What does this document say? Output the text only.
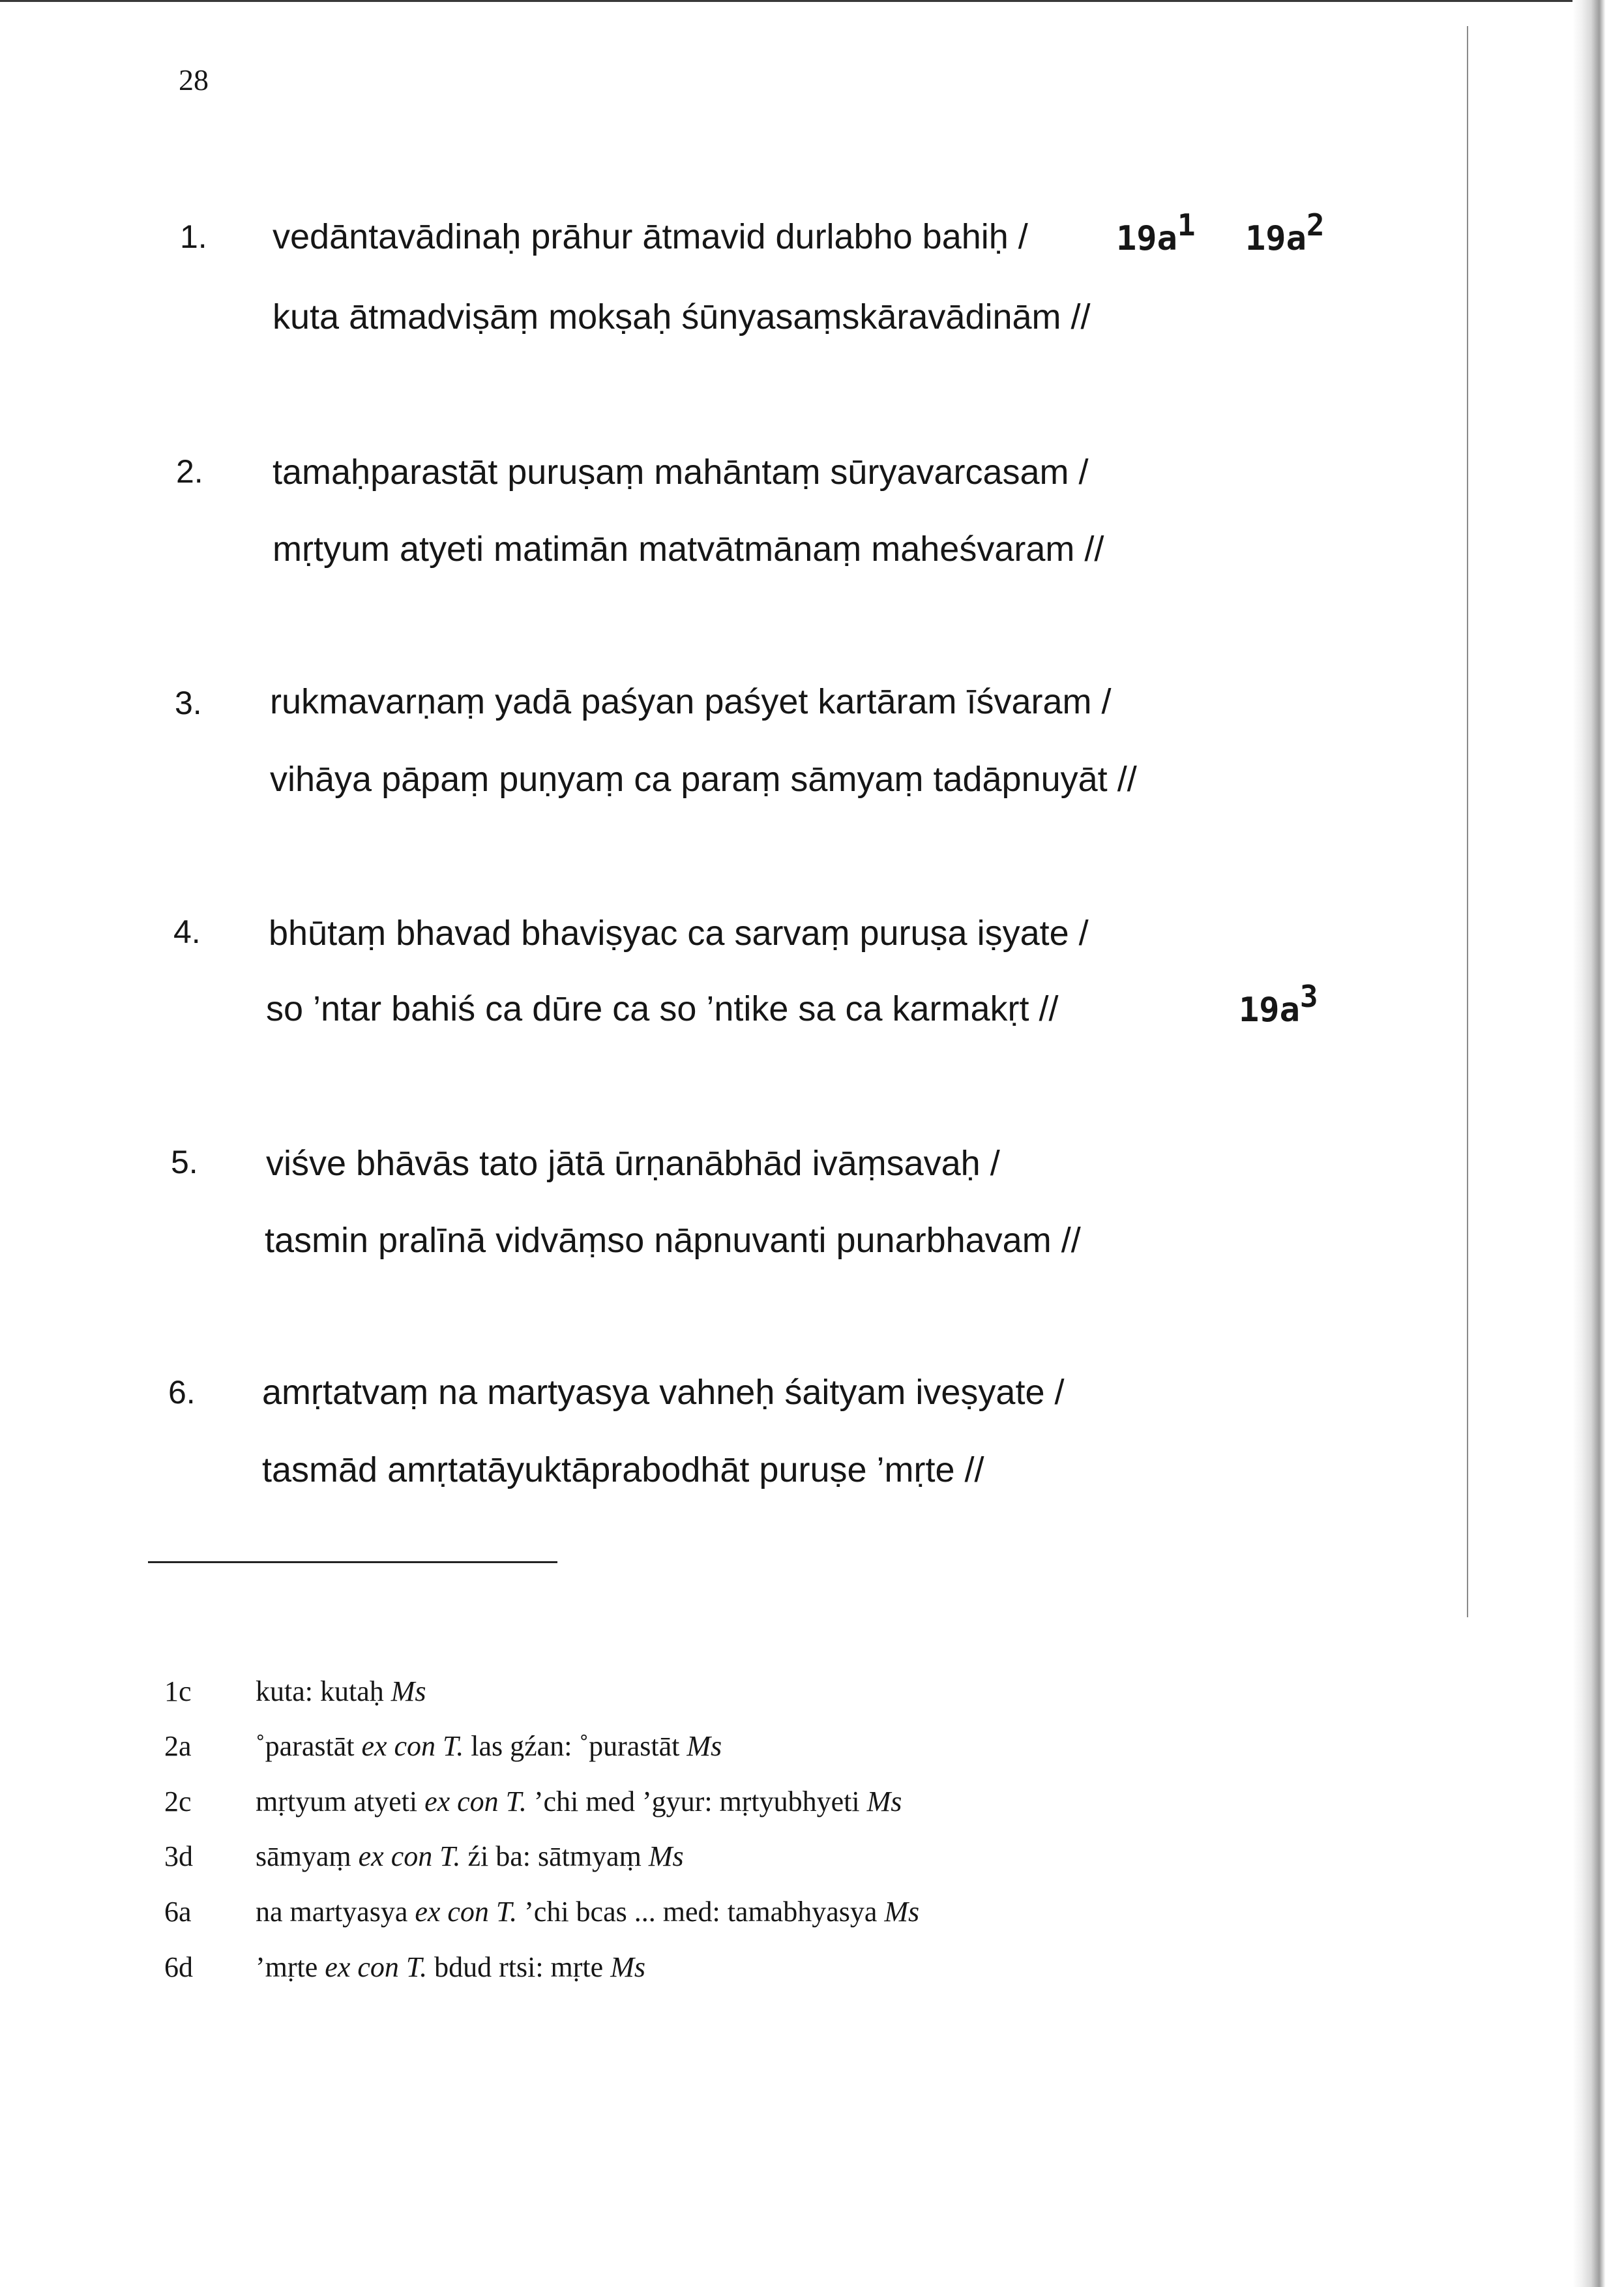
28
1. vedāntavādinaḥ prāhur ātmavid durlabho bahiḥ /
kuta ātmadviṣāṃ mokṣaḥ śūnyasaṃskāravādinām //
2. tamaḥparastāt puruṣaṃ mahāntaṃ sūryavarcasam /
mṛtyum atyeti matimān matvātmānaṃ maheśvaram //
3. rukmavarṇaṃ yadā paśyan paśyet kartāram īśvaram /
vihāya pāpaṃ puṇyaṃ ca paraṃ sāmyaṃ tadāpnuyāt //
4. bhūtaṃ bhavad bhaviṣyac ca sarvaṃ puruṣa iṣyate /
so ’ntar bahiś ca dūre ca so ’ntike sa ca karmakṛt //
5. viśve bhāvās tato jātā ūrṇanābhād ivāṃsavaḥ /
tasmin pralīnā vidvāṃso nāpnuvanti punarbhavam //
6. amṛtatvaṃ na martyasya vahneḥ śaityam iveṣyate /
tasmād amṛtatāyuktāprabodhāt puruṣe ’mṛte //
$19a^1$ $19a^2$
$19a^3$
1c kuta: kutaḥ Ms
2a ˚parastāt ex con T. las gźan: ˚purastāt Ms
2c mṛtyum atyeti ex con T. ’chi med ’gyur: mṛtyubhyeti Ms
3d sāmyaṃ ex con T. źi ba: sātmyaṃ Ms
6a na martyasya ex con T. ’chi bcas ... med: tamabhyasya Ms
6d ’mṛte ex con T. bdud rtsi: mṛte Ms
